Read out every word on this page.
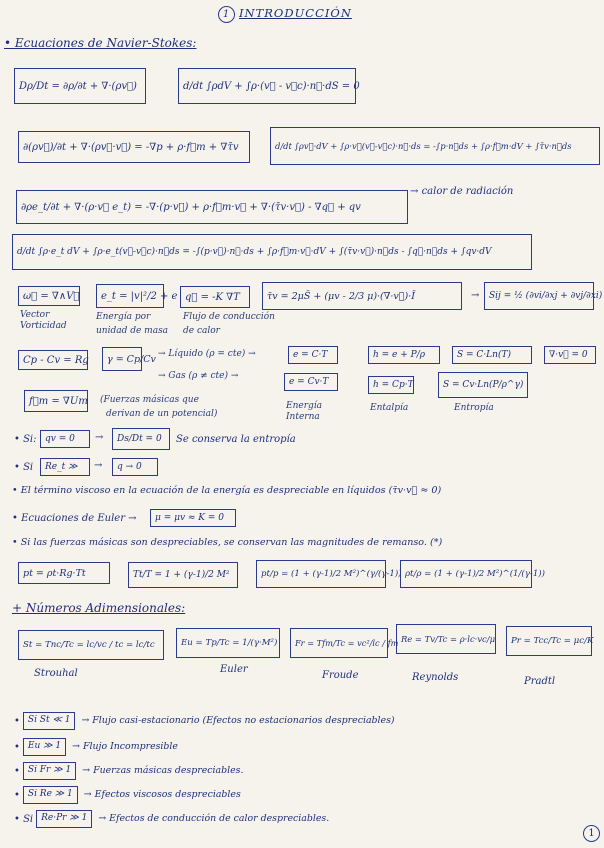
1 INTRODUCCIÓN
• Ecuaciones de Navier-Stokes:
Dρ/Dt = ∂ρ/∂t + ∇·(ρv⃗)	d/dt ∫ρdV + ∫ρ·(v⃗ - v⃗c)·n⃗·dS = 0
∂(ρv⃗)/∂t + ∇·(ρv⃗·v⃗) = -∇p + ρ·f⃗m + ∇τ̄v	d/dt ∫ρv⃗·dV + ∫ρ·v⃗(v⃗-v⃗c)·n⃗·ds = -∫p·n⃗ds + ∫ρ·f⃗m·dV + ∫τ̄v·n⃗ds
∂ρe_t/∂t + ∇·(ρ·v⃗ e_t) = -∇·(p·v⃗) + ρ·f⃗m·v⃗ + ∇·(τ̄v·v⃗) - ∇q⃗ + qv
→ calor de radiación
d/dt ∫ρ·e_t dV + ∫ρ·e_t(v⃗-v⃗c)·n⃗ds = -∫(p·v⃗)·n⃗·ds + ∫ρ·f⃗m·v⃗·dV + ∫(τ̄v·v⃗)·n⃗ds - ∫q⃗·n⃗ds + ∫qv·dV
ω⃗ = ∇∧V⃗
Vector
Vorticidad
e_t = |v|²/2 + e
Energía por
unidad de masa
q⃗ = -K ∇T
Flujo de conducción
de calor
τ̄v = 2μS̄ + (μv - 2/3 μ)·(∇·v⃗)·Ī	→	Sij = ½ (∂vi/∂xj + ∂vj/∂xi)
Cp - Cv = Rg	γ = Cp/Cv → Líquido (ρ = cte) →
→ Gas (ρ ≠ cte) →
e = C·T
e = Cv·T
Energía
Interna
h = e + P/ρ
h = Cp·T
Entalpía
S = C·Ln(T)
S = Cv·Ln(P/ρ^γ)
Entropía
∇·v⃗ = 0
f⃗m = ∇Um (Fuerzas másicas que
derivan de un potencial)
• Si: qv = 0	→	Ds/Dt = 0	Se conserva la entropía
• Si	Re_t ≫	→	q → 0
• El término viscoso en la ecuación de la energía es despreciable en líquidos (τ̄v·v⃗ ≈ 0)
• Ecuaciones de Euler →	μ = μv ≈ K = 0
• Si las fuerzas másicas son despreciables, se conservan las magnitudes de remanso. (*)
pt = ρt·Rg·Tt	Tt/T = 1 + (γ-1)/2 M²	pt/p = (1 + (γ-1)/2 M²)^(γ/(γ-1)) ρt/ρ = (1 + (γ-1)/2 M²)^(1/(γ-1))
+ Números Adimensionales:
St = Tnc/Tc = lc/vc / tc = lc/tc
Strouhal
Eu = Tp/Tc = 1/(γ·M²)
Euler
Fr = Tfm/Tc = vc²/lc / fm
Froude
Re = Tv/Tc = ρ·lc·vc/μ
Reynolds
Pr = Tcc/Tc = μc/K
Pradtl
• Si St ≪ 1	→ Flujo casi-estacionario (Efectos no estacionarios despreciables)
• Eu ≫ 1	→ Flujo Incompresible
• Si Fr ≫ 1	→ Fuerzas másicas despreciables.
• Si Re ≫ 1	→ Efectos viscosos despreciables
• Si Re·Pr ≫ 1	→ Efectos de conducción de calor despreciables.
1
